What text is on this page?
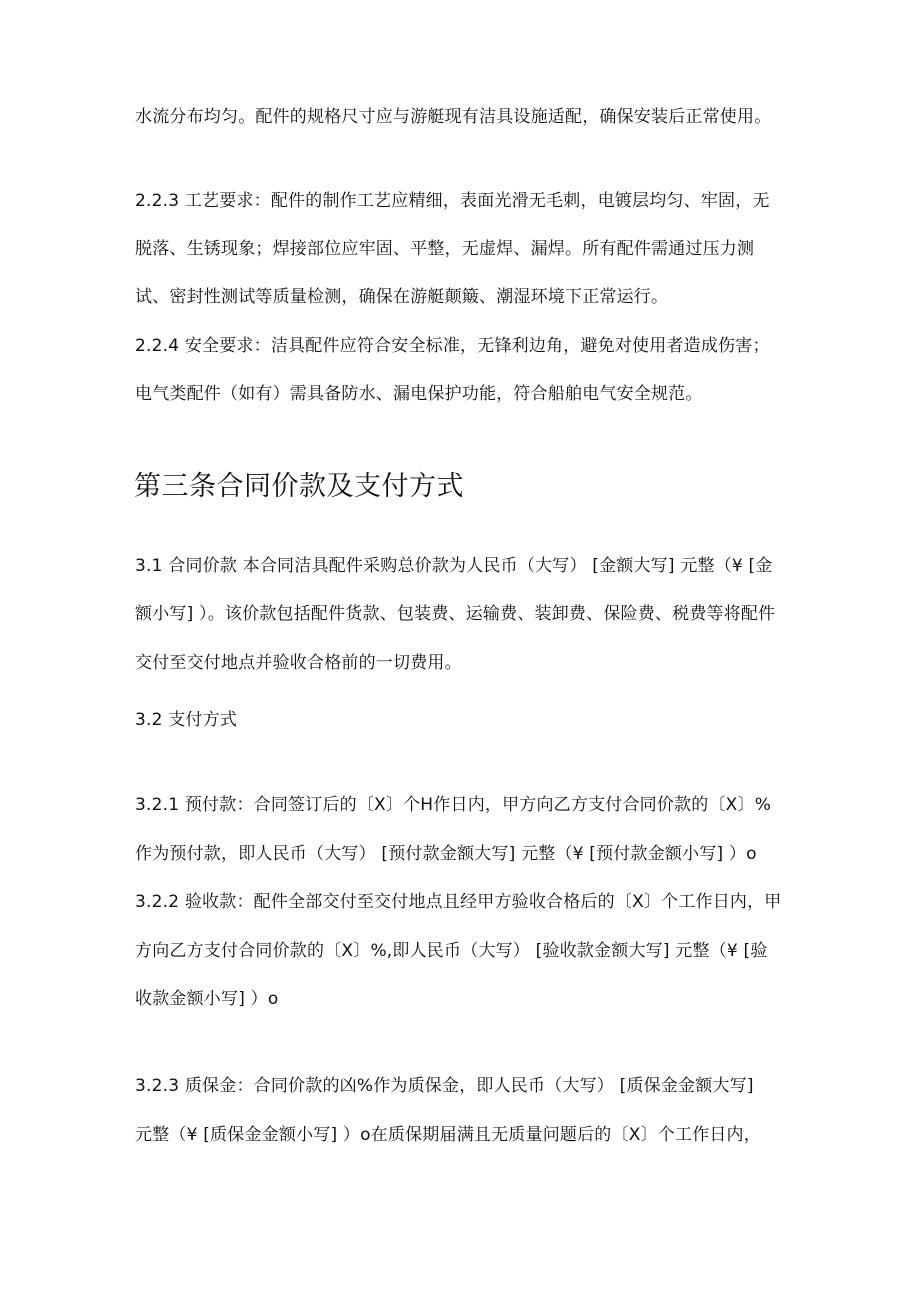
水流分布均匀。配件的规格尺寸应与游艇现有洁具设施适配，确保安装后正常使用。
2.2.3 工艺要求：配件的制作工艺应精细，表面光滑无毛刺，电镀层均匀、牢固，无
脱落、生锈现象；焊接部位应牢固、平整，无虚焊、漏焊。所有配件需通过压力测
试、密封性测试等质量检测，确保在游艇颠簸、潮湿环境下正常运行。
2.2.4 安全要求：洁具配件应符合安全标准，无锋利边角，避免对使用者造成伤害；
电气类配件（如有）需具备防水、漏电保护功能，符合船舶电气安全规范。
第三条合同价款及支付方式
3.1 合同价款 本合同洁具配件采购总价款为人民币（大写） [金额大写] 元整（¥ [金
额小写] ）。该价款包括配件货款、包装费、运输费、装卸费、保险费、税费等将配件
交付至交付地点并验收合格前的一切费用。
3.2 支付方式
3.2.1 预付款：合同签订后的〔X〕个H作日内，甲方向乙方支付合同价款的〔X〕%
作为预付款，即人民币（大写） [预付款金额大写] 元整（¥ [预付款金额小写] ）o
3.2.2 验收款：配件全部交付至交付地点且经甲方验收合格后的〔X〕个工作日内，甲
方向乙方支付合同价款的〔X〕%,即人民币（大写） [验收款金额大写] 元整（¥ [验
收款金额小写] ）o
3.2.3 质保金：合同价款的凶%作为质保金，即人民币（大写） [质保金金额大写]
元整（¥ [质保金金额小写] ）o在质保期届满且无质量问题后的〔X〕个工作日内，
